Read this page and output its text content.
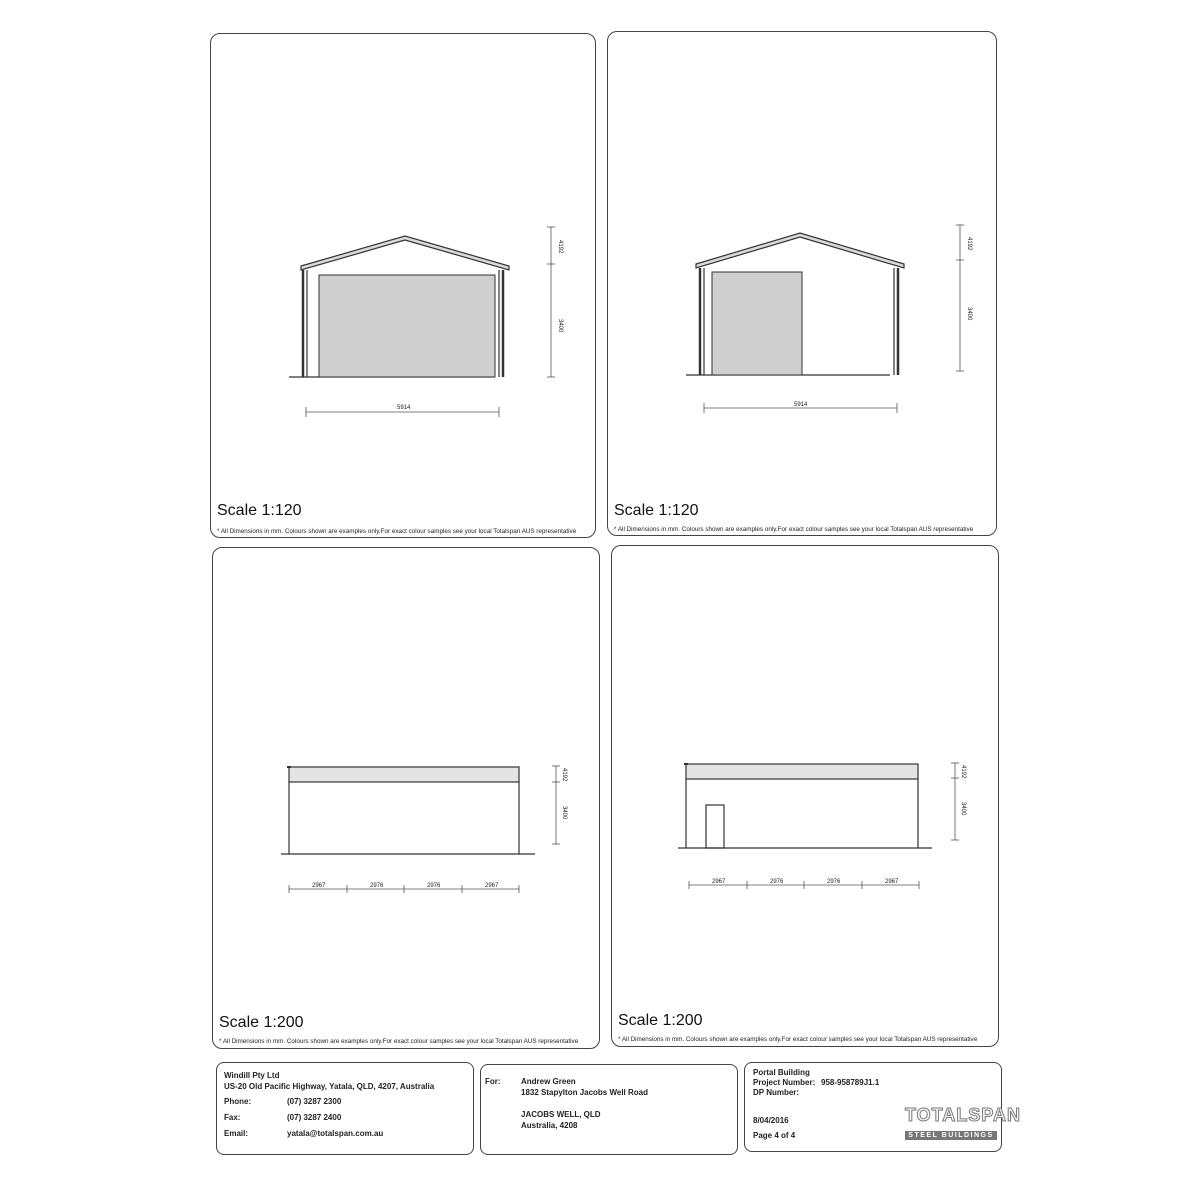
5914
3400
4192
Scale 1:120
* All Dimensions in mm. Colours shown are examples only.For exact colour samples see your local Totalspan AUS representative
5914
3400
4192
Scale 1:120
* All Dimensions in mm. Colours shown are examples only.For exact colour samples see your local Totalspan AUS representative
2967	2976	2976	2967
3400
4192
Scale 1:200
* All Dimensions in mm. Colours shown are examples only.For exact colour samples see your local Totalspan AUS representative
2967	2976	2976	2967
3400
4192
Scale 1:200
* All Dimensions in mm. Colours shown are examples only.For exact colour samples see your local Totalspan AUS representative
Windill Pty Ltd
US-20 Old Pacific Highway, Yatala, QLD, 4207, Australia
Phone:	(07) 3287 2300
Fax:	(07) 3287 2400
Email:	yatala@totalspan.com.au
For:	Andrew Green
1832 Stapylton Jacobs Well Road
JACOBS WELL, QLD
Australia, 4208
Portal Building
Project Number: 958-958789J1.1
DP Number:
8/04/2016
Page 4 of 4
TOTALSPAN
STEEL BUILDINGS
